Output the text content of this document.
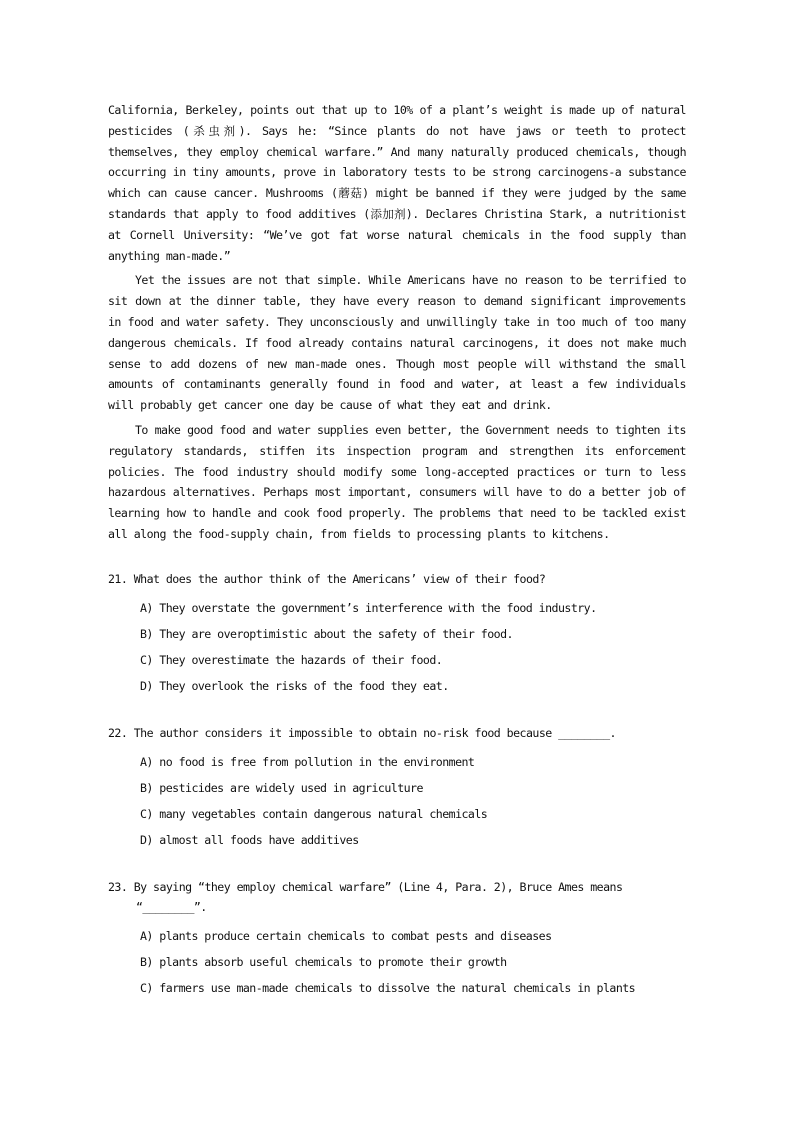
California, Berkeley, points out that up to 10% of a plant’s weight is made up of natural pesticides (杀虫剂). Says he: “Since plants do not have jaws or teeth to protect themselves, they employ chemical warfare.” And many naturally produced chemicals, though occurring in tiny amounts, prove in laboratory tests to be strong carcinogens-a substance which can cause cancer. Mushrooms (蘑菇) might be banned if they were judged by the same standards that apply to food additives (添加剂). Declares Christina Stark, a nutritionist at Cornell University: “We’ve got fat worse natural chemicals in the food supply than anything man-made.”

Yet the issues are not that simple. While Americans have no reason to be terrified to sit down at the dinner table, they have every reason to demand significant improvements in food and water safety. They unconsciously and unwillingly take in too much of too many dangerous chemicals. If food already contains natural carcinogens, it does not make much sense to add dozens of new man-made ones. Though most people will withstand the small amounts of contaminants generally found in food and water, at least a few individuals will probably get cancer one day be cause of what they eat and drink.

To make good food and water supplies even better, the Government needs to tighten its regulatory standards, stiffen its inspection program and strengthen its enforcement policies. The food industry should modify some long-accepted practices or turn to less hazardous alternatives. Perhaps most important, consumers will have to do a better job of learning how to handle and cook food properly. The problems that need to be tackled exist all along the food-supply chain, from fields to processing plants to kitchens.

21. What does the author think of the Americans’ view of their food?
A) They overstate the government’s interference with the food industry.
B) They are overoptimistic about the safety of their food.
C) They overestimate the hazards of their food.
D) They overlook the risks of the food they eat.
22. The author considers it impossible to obtain no-risk food because ________.
A) no food is free from pollution in the environment
B) pesticides are widely used in agriculture
C) many vegetables contain dangerous natural chemicals
D) almost all foods have additives
23. By saying “they employ chemical warfare” (Line 4, Para. 2), Bruce Ames means
“________”.
A) plants produce certain chemicals to combat pests and diseases
B) plants absorb useful chemicals to promote their growth
C) farmers use man-made chemicals to dissolve the natural chemicals in plants
